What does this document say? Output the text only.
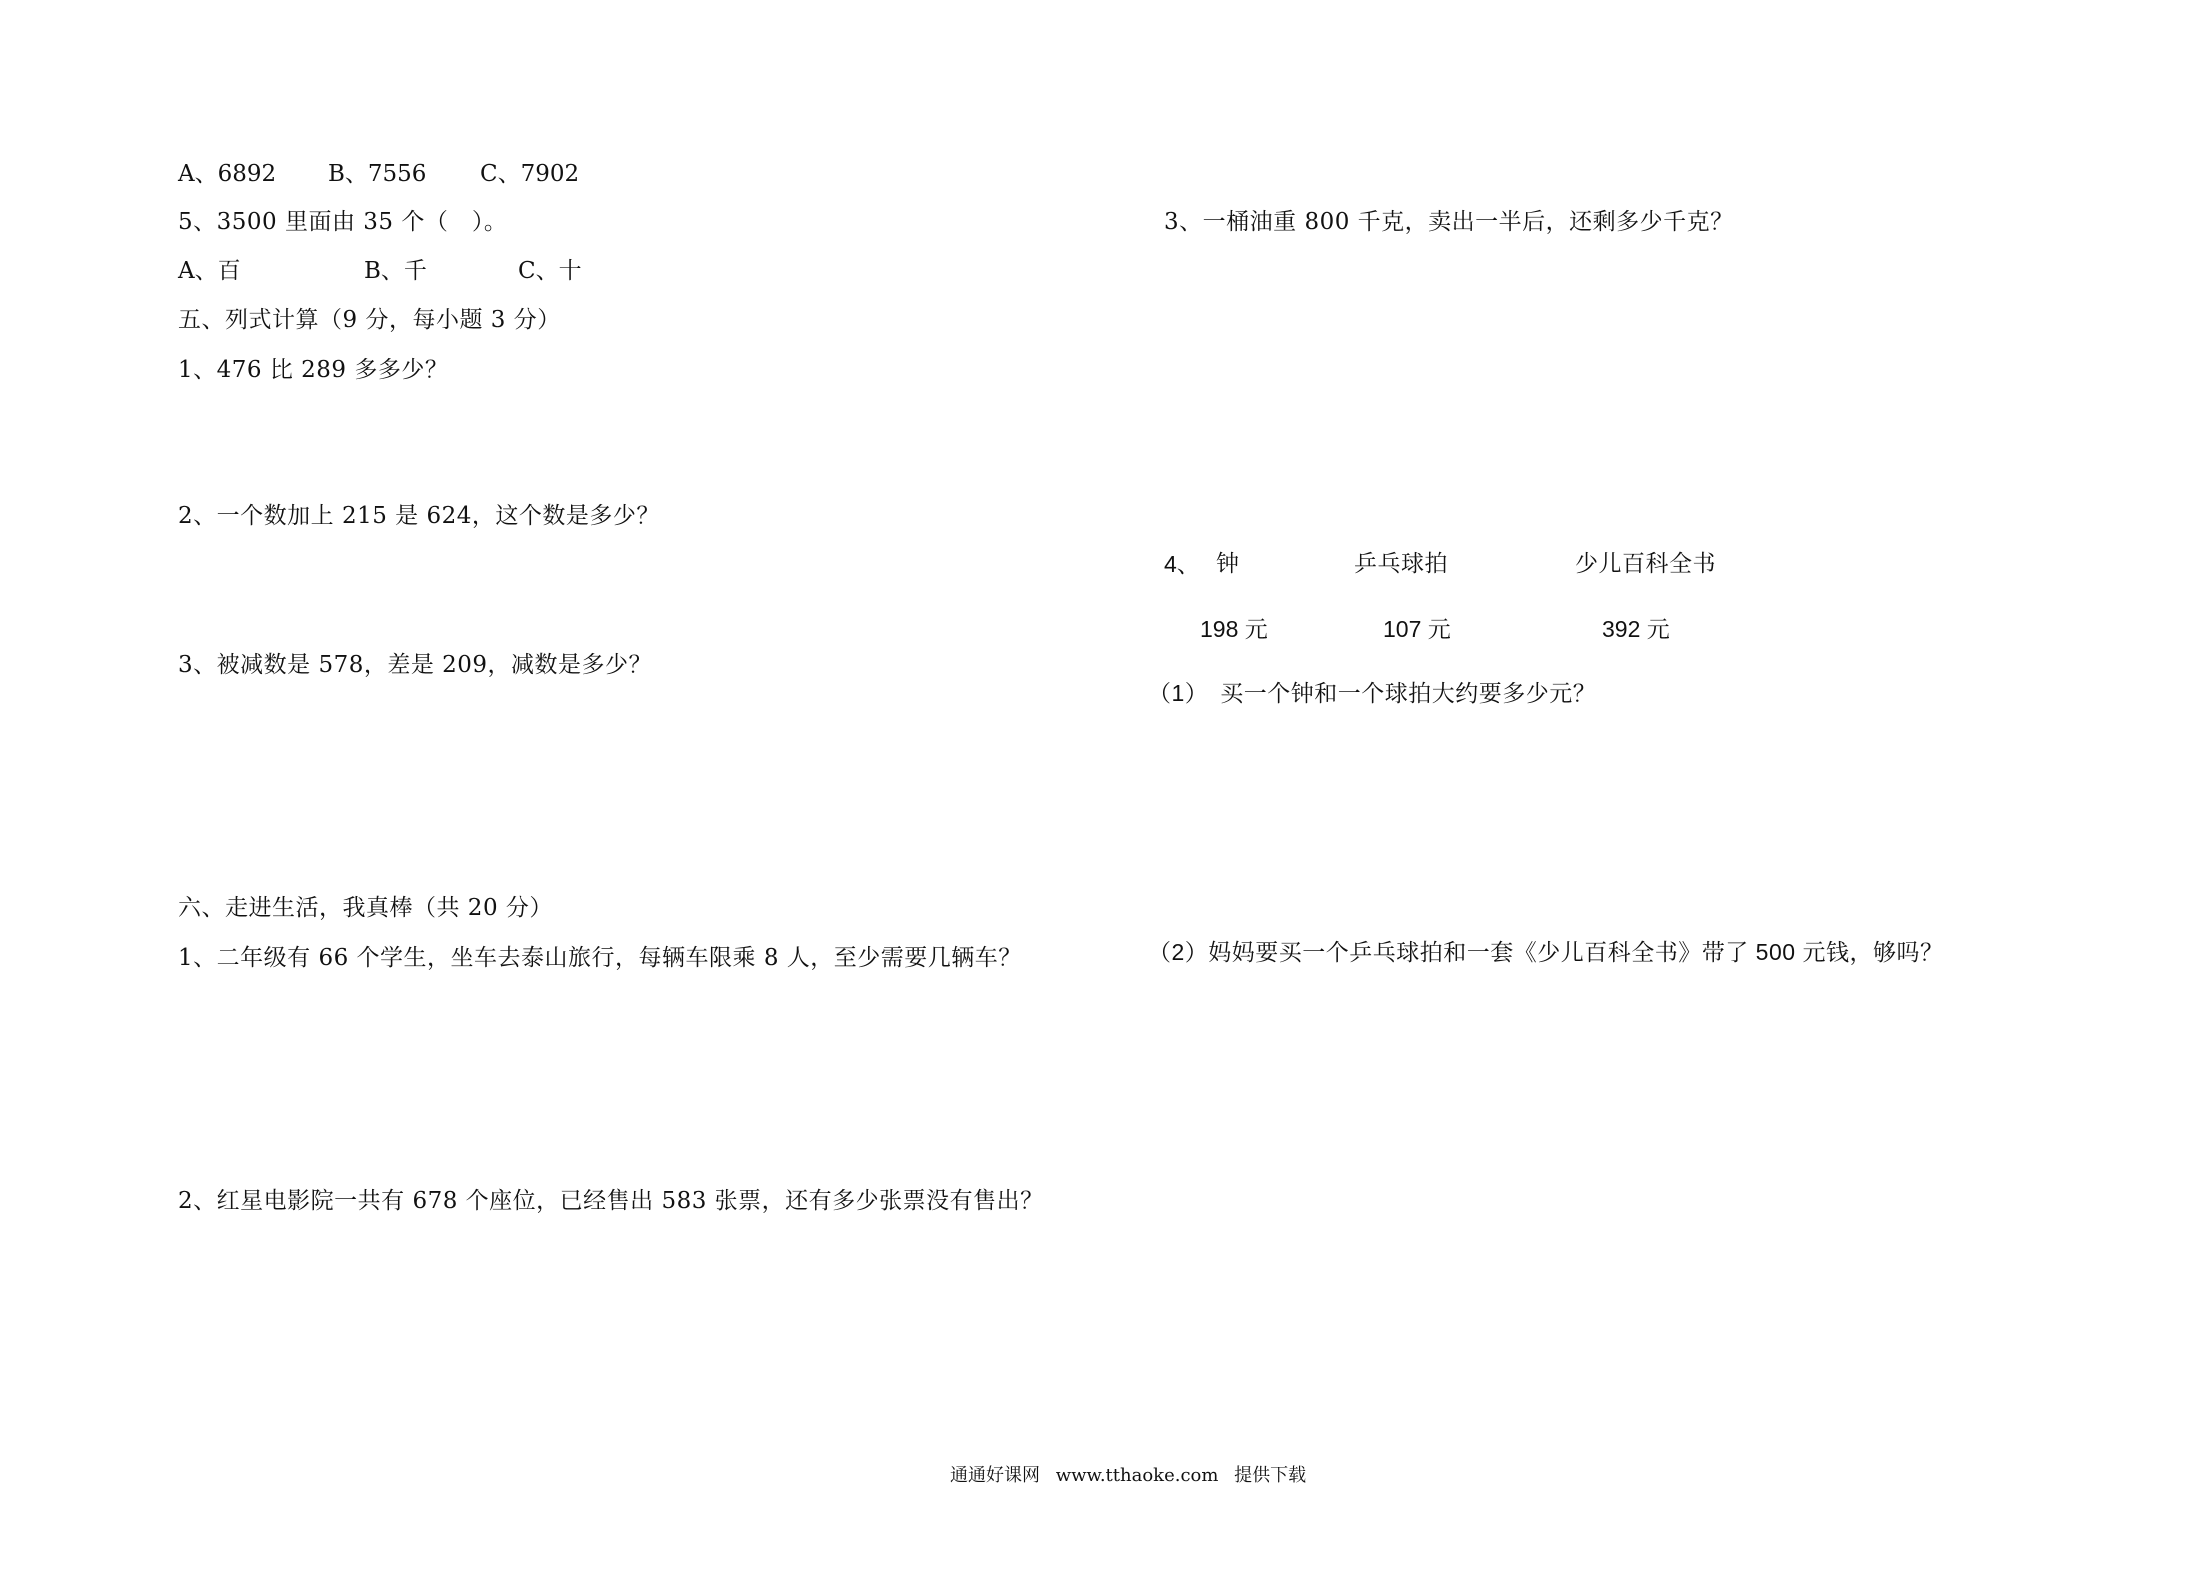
A、6892 B、7556 C、7902
5、3500 里面由 35 个（　）。
A、百	B、千	C、十
五、列式计算（9 分，每小题 3 分）
1、476 比 289 多多少？
2、一个数加上 215 是 624，这个数是多少？
3、被减数是 578，差是 209，减数是多少？
六、走进生活，我真棒（共 20 分）
1、二年级有 66 个学生，坐车去泰山旅行，每辆车限乘 8 人，至少需要几辆车？
2、红星电影院一共有 678 个座位，已经售出 583 张票，还有多少张票没有售出？
3、一桶油重 800 千克，卖出一半后，还剩多少千克？
4、 钟	乒乓球拍	少儿百科全书
198 元	107 元	392 元
（1）　买一个钟和一个球拍大约要多少元？
（2）妈妈要买一个乒乓球拍和一套《少儿百科全书》带了 500 元钱，够吗？
通通好课网 www.tthaoke.com 提供下载
